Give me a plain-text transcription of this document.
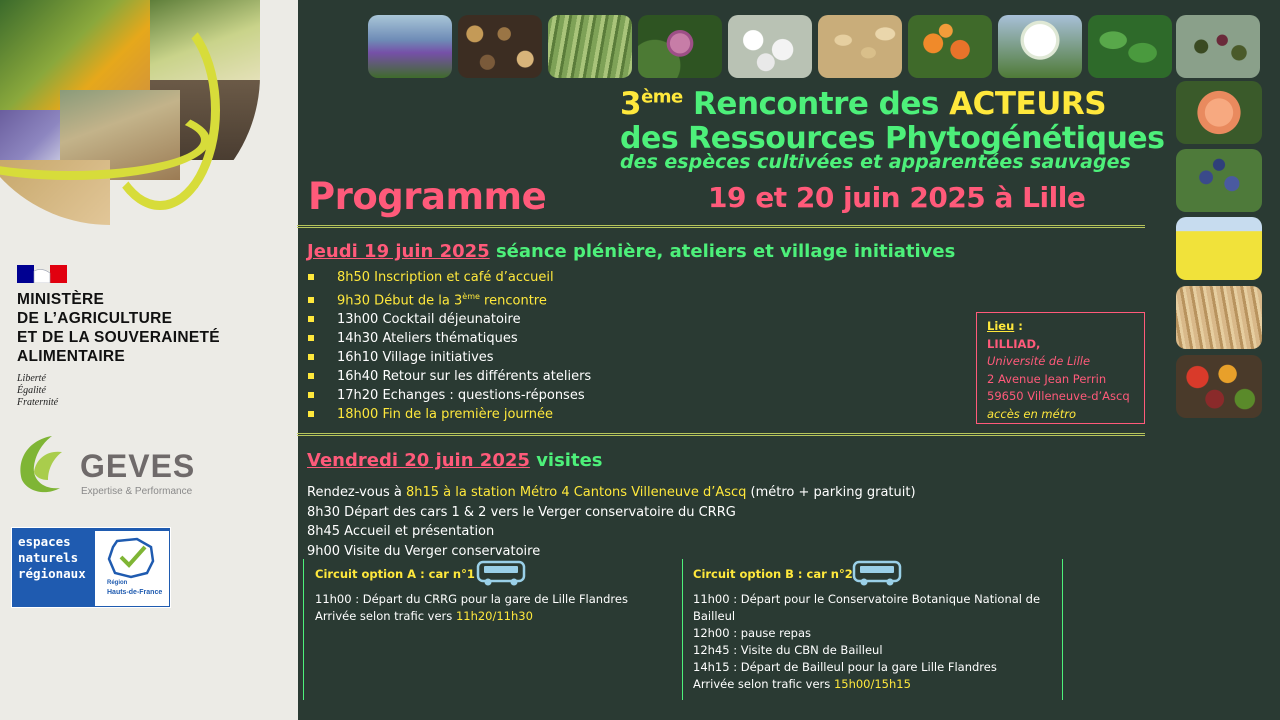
MINISTÈRE
DE L’AGRICULTURE
ET DE LA SOUVERAINETÉ
ALIMENTAIRE
Liberté
Égalité
Fraternité
GEVES
Expertise & Performance
espaces
naturels
régionaux
Région
Hauts-de-France
3ème Rencontre des ACTEURS
des Ressources Phytogénétiques
des espèces cultivées et apparentées sauvages
Programme	19 et 20 juin 2025 à Lille
Jeudi 19 juin 2025 séance plénière, ateliers et village initiatives
8h50 Inscription et café d’accueil
9h30 Début de la 3ème rencontre
13h00 Cocktail déjeunatoire
14h30 Ateliers thématiques
16h10 Village initiatives
16h40 Retour sur les différents ateliers
17h20 Echanges : questions-réponses
18h00 Fin de la première journée
Lieu :
LILLIAD,
Université de Lille
2 Avenue Jean Perrin
59650 Villeneuve-d’Ascq
accès en métro
Vendredi 20 juin 2025 visites
Rendez-vous à 8h15 à la station Métro 4 Cantons Villeneuve d’Ascq (métro + parking gratuit)
8h30 Départ des cars 1 & 2 vers le Verger conservatoire du CRRG
8h45 Accueil et présentation
9h00 Visite du Verger conservatoire
Circuit option A : car n°1
11h00 : Départ du CRRG pour la gare de Lille Flandres
Arrivée selon trafic vers 11h20/11h30
Circuit option B : car n°2
11h00 : Départ pour le Conservatoire Botanique National de
Bailleul
12h00 : pause repas
12h45 : Visite du CBN de Bailleul
14h15 : Départ de Bailleul pour la gare Lille Flandres
Arrivée selon trafic vers 15h00/15h15
